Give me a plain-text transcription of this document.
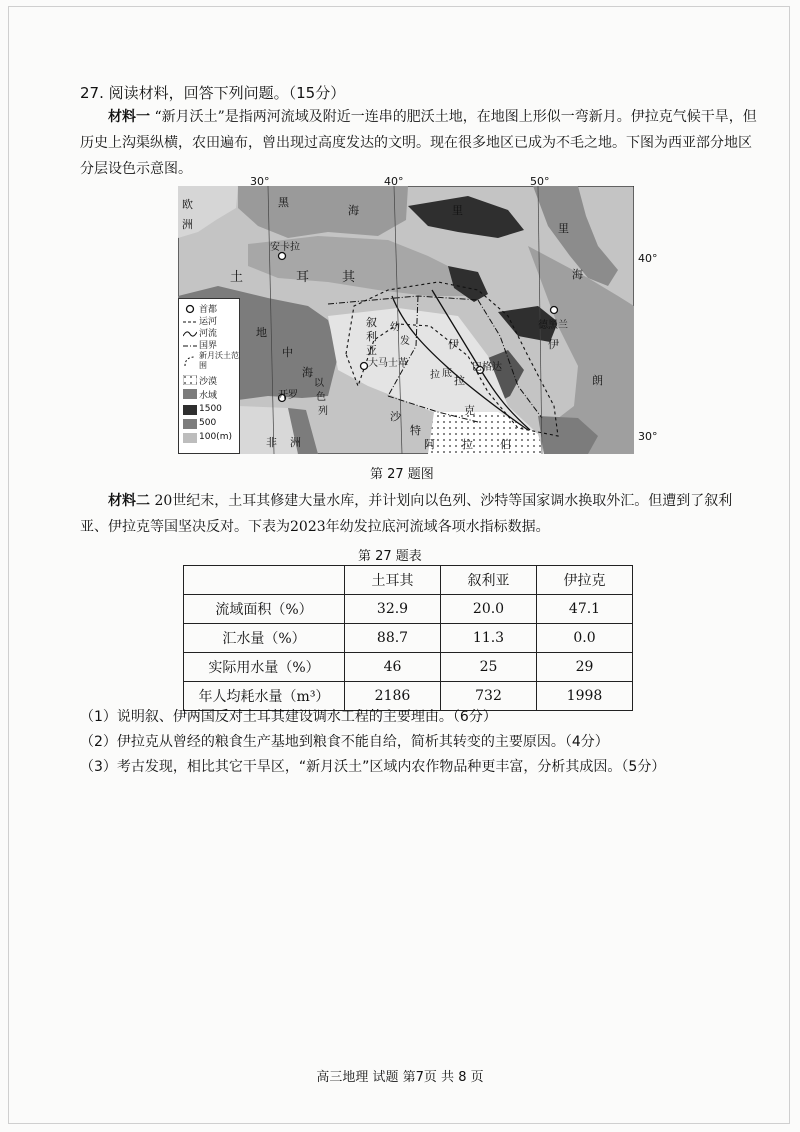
27. 阅读材料，回答下列问题。（15分）
材料一 “新月沃土”是指两河流域及附近一连串的肥沃土地，在地图上形似一弯新月。伊拉克气候干旱，但历史上沟渠纵横，农田遍布，曾出现过高度发达的文明。现在很多地区已成为不毛之地。下图为西亚部分地区分层设色示意图。
30°	40°	50°
40°
30°
欧
洲
黑
海	里
里
海
土	耳	其
安卡拉
地
中
海
叙
利
亚
大马士革
以
色
列
开罗
非 洲
幼
发
拉 底
巴格达
伊
拉
克
德黑兰
伊
朗
沙
特
阿 拉 伯
首都
运河
河流
国界
新月沃土范围
沙漠
水域
1500
500
100(m)
第 27 题图
材料二 20世纪末，土耳其修建大量水库，并计划向以色列、沙特等国家调水换取外汇。但遭到了叙利亚、伊拉克等国坚决反对。下表为2023年幼发拉底河流域各项水指标数据。
第 27 题表
	土耳其	叙利亚	伊拉克
流域面积（%）	32.9	20.0	47.1
汇水量（%）	88.7	11.3	0.0
实际用水量（%）	46	25	29
年人均耗水量（m³）	2186	732	1998
（1）说明叙、伊两国反对土耳其建设调水工程的主要理由。（6分）
（2）伊拉克从曾经的粮食生产基地到粮食不能自给，简析其转变的主要原因。（4分）
（3）考古发现，相比其它干旱区，“新月沃土”区域内农作物品种更丰富，分析其成因。（5分）
高三地理 试题 第7页 共 8 页
